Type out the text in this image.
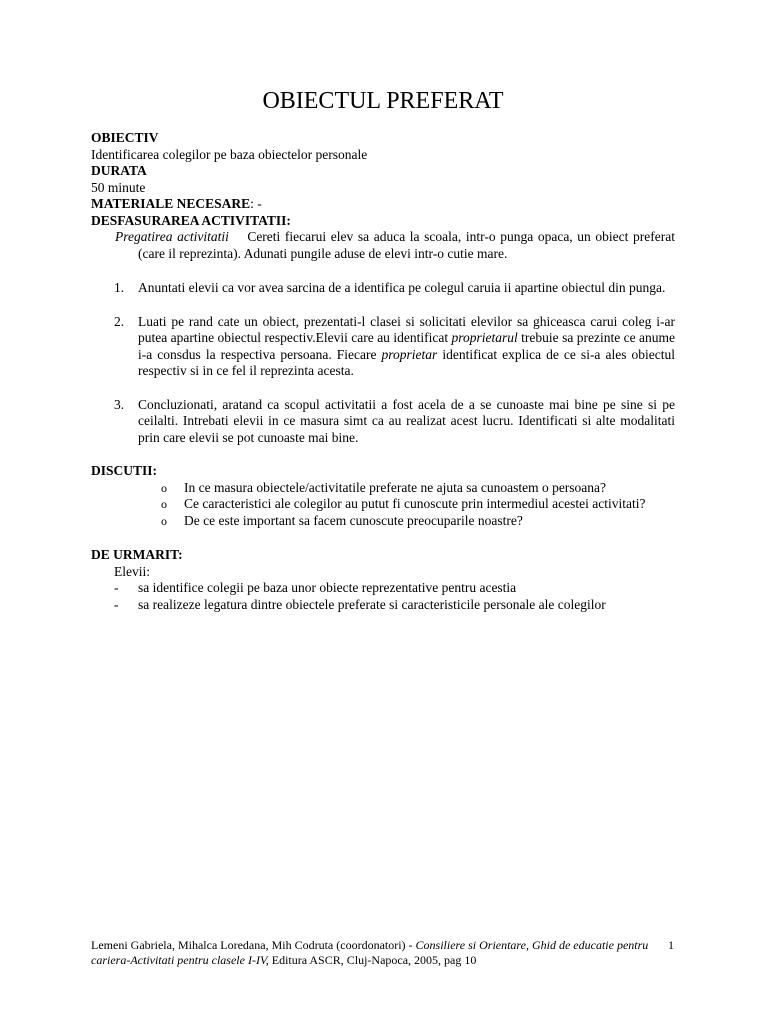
OBIECTUL PREFERAT
OBIECTIV
Identificarea colegilor pe baza obiectelor personale
DURATA
50 minute
MATERIALE NECESARE: -
DESFASURAREA ACTIVITATII:
Pregatirea activitatii Cereti fiecarui elev sa aduca la scoala, intr-o punga opaca, un obiect preferat (care il reprezinta). Adunati pungile aduse de elevi intr-o cutie mare.
1.	Anuntati elevii ca vor avea sarcina de a identifica pe colegul caruia ii apartine obiectul din punga.
2.	Luati pe rand cate un obiect, prezentati-l clasei si solicitati elevilor sa ghiceasca carui coleg i-ar putea apartine obiectul respectiv.Elevii care au identificat proprietarul trebuie sa prezinte ce anume i-a consdus la respectiva persoana. Fiecare proprietar identificat explica de ce si-a ales obiectul respectiv si in ce fel il reprezinta acesta.
3.	Concluzionati, aratand ca scopul activitatii a fost acela de a se cunoaste mai bine pe sine si pe ceilalti. Intrebati elevii in ce masura simt ca au realizat acest lucru. Identificati si alte modalitati prin care elevii se pot cunoaste mai bine.
DISCUTII:
o	In ce masura obiectele/activitatile preferate ne ajuta sa cunoastem o persoana?
o	Ce caracteristici ale colegilor au putut fi cunoscute prin intermediul acestei activitati?
o	De ce este important sa facem cunoscute preocuparile noastre?
DE URMARIT:
Elevii:
-	sa identifice colegii pe baza unor obiecte reprezentative pentru acestia
-	sa realizeze legatura dintre obiectele preferate si caracteristicile personale ale colegilor
Lemeni Gabriela, Mihalca Loredana, Mih Codruta (coordonatori) - Consiliere si Orientare, Ghid de educatie pentru cariera-Activitati pentru clasele I-IV, Editura ASCR, Cluj-Napoca, 2005, pag 10
1
